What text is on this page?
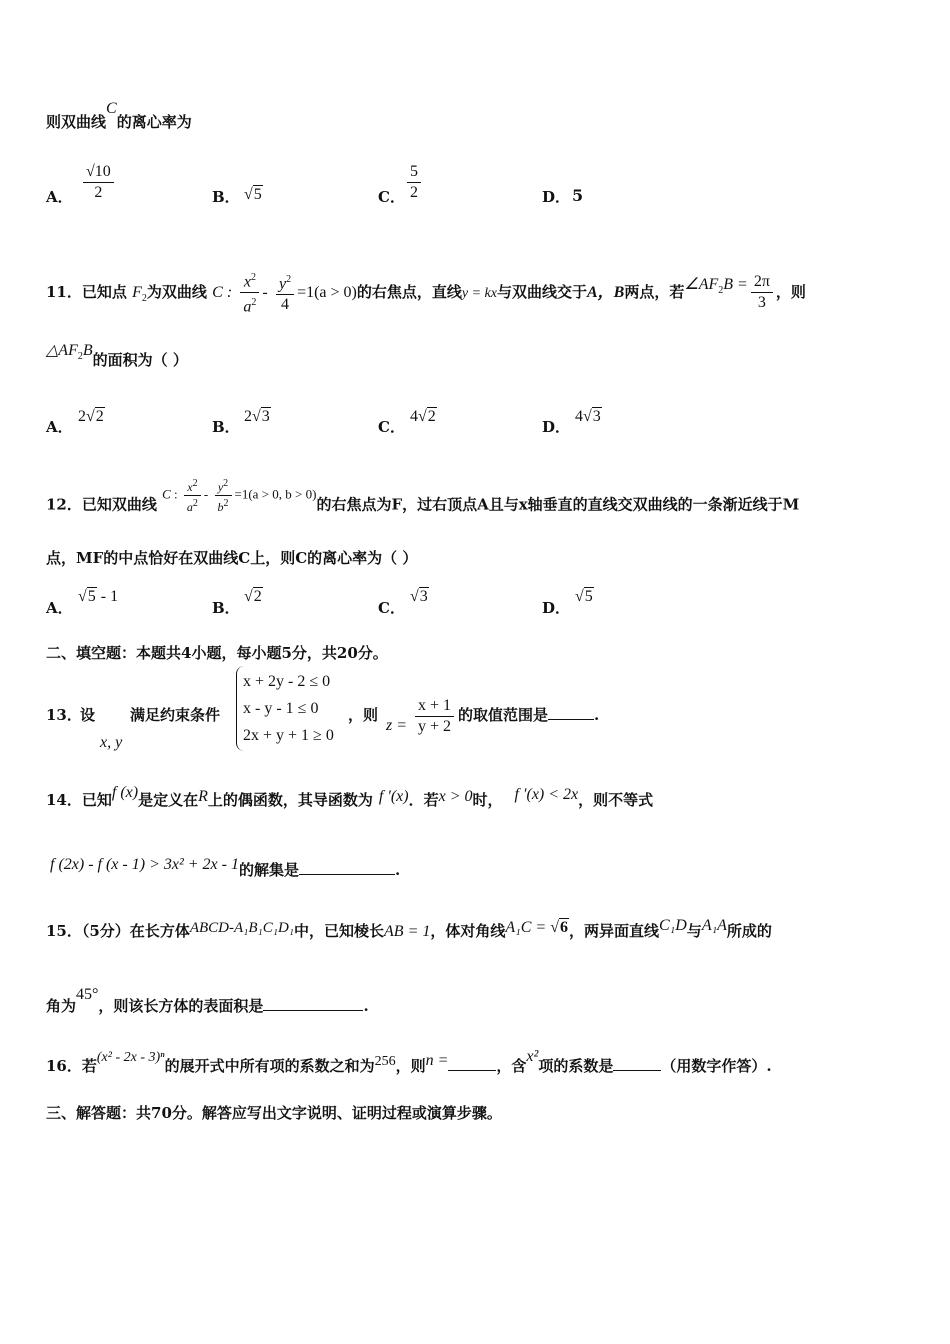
则双曲线C的离心率为
A． $\frac{√10}{2}$	B． √5	C． $\frac{5}{2}$	D． 5
11．已知点 $F_2$为双曲线 C : $\frac{x^2}{a^2} - \frac{y^2}{4} =1(a > 0)$的右焦点，直线y = kx与双曲线交于A，B两点，若$\angle AF_2B = \frac{2\pi}{3}$ ，则
$\triangle AF_2B$的面积为（ ）
A．
2√2
B．
2√3
C．
4√2
D．
4√3
12．已知双曲线 C : $\frac{x^2}{a^2} - \frac{y^2}{b^2} =1(a > 0$, b > 0)的右焦点为F，过右顶点A且与x轴垂直的直线交双曲线的一条渐近线于M
点，MF的中点恰好在双曲线C上，则C的离心率为（ ）
A．
√5 - 1
B．
√2
C．
√3
D．
√5
二、填空题：本题共4小题，每小题5分，共20分。
13．
设
x, y
满足约束条件
x + 2y - 2 ≤ 0
x - y - 1 ≤ 0
2x + y + 1 ≥ 0
，则
$z = \frac{x + 1}{y + 2}$ 的取值范围是	.
14．已知f (x)是定义在R上的偶函数，其导函数为 f ′(x)．若x > 0时， f ′(x) < 2x，则不等式
f (2x) - f (x - 1) > 3x² + 2x - 1的解集是	.
15．（5分）在长方体ABCD-A₁B₁C₁D₁中，已知棱长AB = 1，体对角线A₁C = √6，两异面直线C₁D与A₁A所成的
角为45°，则该长方体的表面积是	.
16．若(x² - 2x - 3)ⁿ的展开式中所有项的系数之和为256，则n =	，含x²项的系数是	（用数字作答）.
三、解答题：共70分。解答应写出文字说明、证明过程或演算步骤。
